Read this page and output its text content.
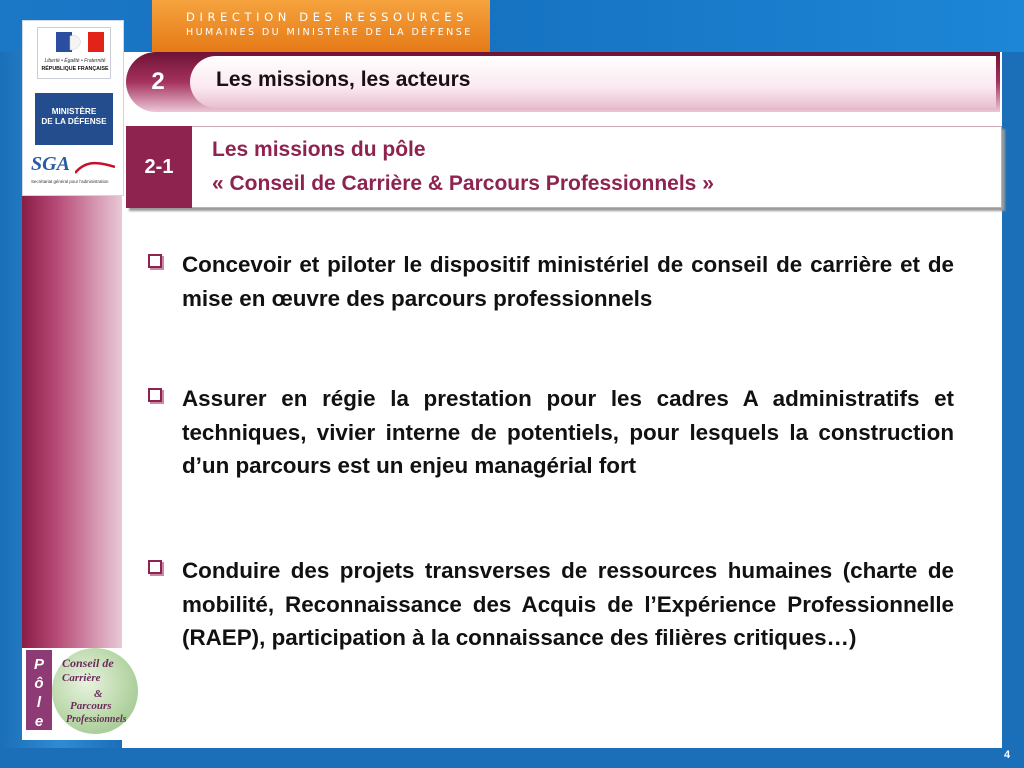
DIRECTION DES RESSOURCES
HUMAINES DU MINISTÈRE DE LA DÉFENSE
4
Liberté • Égalité • Fraternité
RÉPUBLIQUE FRANÇAISE
MINISTÈRE
DE LA DÉFENSE
SGA
Secrétariat général pour l'administration
2	Les missions, les acteurs
2-1
Les missions du pôle
« Conseil de Carrière & Parcours Professionnels »
Concevoir et piloter le dispositif ministériel de conseil de carrière et de mise en œuvre des parcours professionnels
Assurer en régie la prestation pour les cadres A administratifs et techniques, vivier interne de potentiels, pour lesquels la construction d’un parcours est un enjeu managérial fort
Conduire des projets transverses de ressources humaines (charte de mobilité, Reconnaissance des Acquis de l’Expérience Professionnelle (RAEP), participation à la connaissance des filières critiques…)
Pôle Conseil de
Carrière
&
Parcours
Professionnels
